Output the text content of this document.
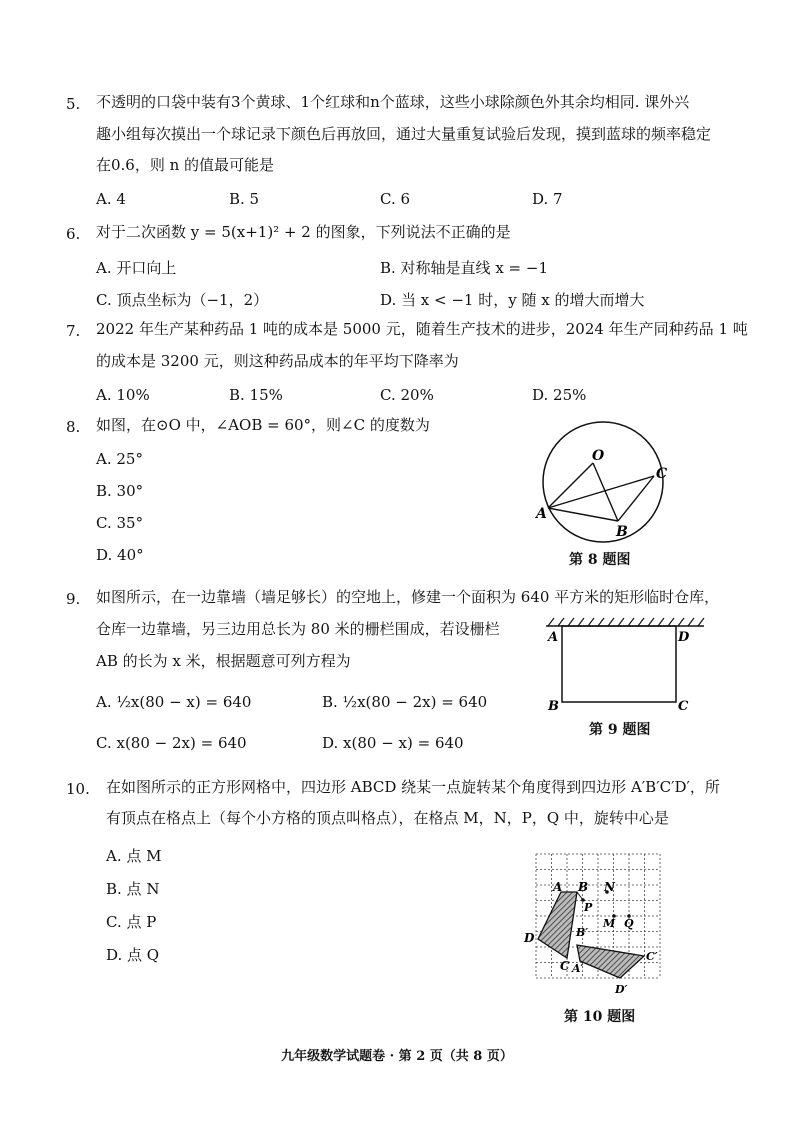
5. 不透明的口袋中装有3个黄球、1个红球和n个蓝球，这些小球除颜色外其余均相同. 课外兴
趣小组每次摸出一个球记录下颜色后再放回，通过大量重复试验后发现，摸到蓝球的频率稳定
在0.6，则 n 的值最可能是
A. 4	B. 5	C. 6	D. 7
6. 对于二次函数 y = 5(x+1)² + 2 的图象，下列说法不正确的是
A. 开口向上	B. 对称轴是直线 x = −1
C. 顶点坐标为（−1，2）	D. 当 x < −1 时，y 随 x 的增大而增大
7. 2022 年生产某种药品 1 吨的成本是 5000 元，随着生产技术的进步，2024 年生产同种药品 1 吨
的成本是 3200 元，则这种药品成本的年平均下降率为
A. 10%	B. 15%	C. 20%	D. 25%
8. 如图，在⊙O 中，∠AOB = 60°，则∠C 的度数为
A. 25°
B. 30°
C. 35°
D. 40°
O
C
A
B
第 8 题图
9. 如图所示，在一边靠墙（墙足够长）的空地上，修建一个面积为 640 平方米的矩形临时仓库，
仓库一边靠墙，另三边用总长为 80 米的栅栏围成，若设栅栏
AB 的长为 x 米，根据题意可列方程为
A. ½x(80 − x) = 640	B. ½x(80 − 2x) = 640
C. x(80 − 2x) = 640	D. x(80 − x) = 640
A	D
B	C
第 9 题图
10. 在如图所示的正方形网格中，四边形 ABCD 绕某一点旋转某个角度得到四边形 A′B′C′D′，所
有顶点在格点上（每个小方格的顶点叫格点），在格点 M，N，P，Q 中，旋转中心是
A. 点 M
B. 点 N
C. 点 P
D. 点 Q
A B N
P
M Q
B′
D
C A′
C′
D′
第 10 题图
九年级数学试题卷 · 第 2 页（共 8 页）
